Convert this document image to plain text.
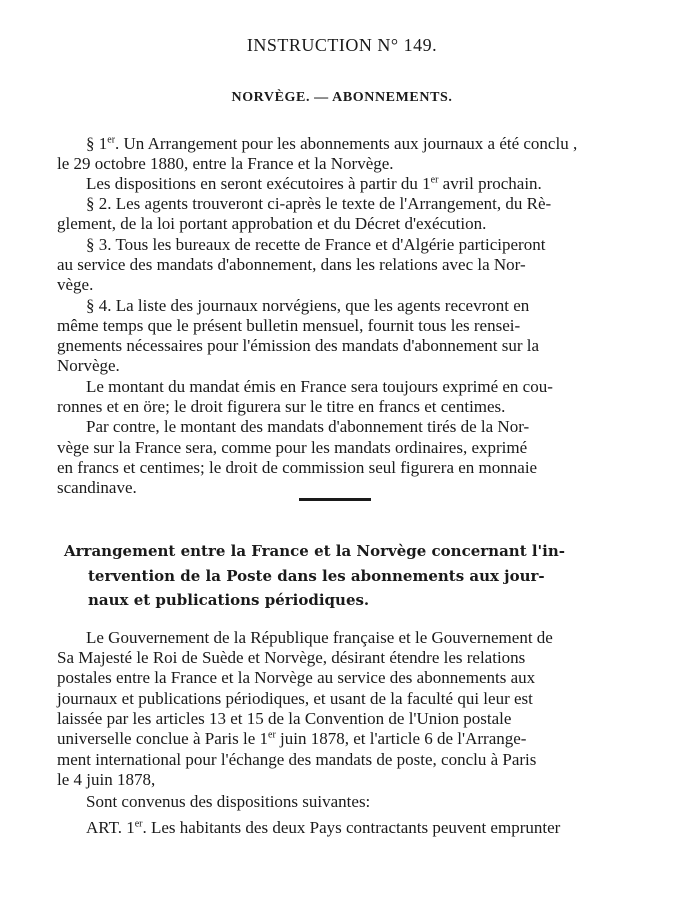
INSTRUCTION N° 149.
NORVÈGE. — ABONNEMENTS.
§ 1er. Un Arrangement pour les abonnements aux journaux a été conclu ,
le 29 octobre 1880, entre la France et la Norvège.
Les dispositions en seront exécutoires à partir du 1er avril prochain.
§ 2. Les agents trouveront ci-après le texte de l'Arrangement, du Rè-
glement, de la loi portant approbation et du Décret d'exécution.
§ 3. Tous les bureaux de recette de France et d'Algérie participeront
au service des mandats d'abonnement, dans les relations avec la Nor-
vège.
§ 4. La liste des journaux norvégiens, que les agents recevront en
même temps que le présent bulletin mensuel, fournit tous les rensei-
gnements nécessaires pour l'émission des mandats d'abonnement sur la
Norvège.
Le montant du mandat émis en France sera toujours exprimé en cou-
ronnes et en öre; le droit figurera sur le titre en francs et centimes.
Par contre, le montant des mandats d'abonnement tirés de la Nor-
vège sur la France sera, comme pour les mandats ordinaires, exprimé
en francs et centimes; le droit de commission seul figurera en monnaie
scandinave.
Arrangement entre la France et la Norvège concernant l'in-
tervention de la Poste dans les abonnements aux jour-
naux et publications périodiques.
Le Gouvernement de la République française et le Gouvernement de
Sa Majesté le Roi de Suède et Norvège, désirant étendre les relations
postales entre la France et la Norvège au service des abonnements aux
journaux et publications périodiques, et usant de la faculté qui leur est
laissée par les articles 13 et 15 de la Convention de l'Union postale
universelle conclue à Paris le 1er juin 1878, et l'article 6 de l'Arrange-
ment international pour l'échange des mandats de poste, conclu à Paris
le 4 juin 1878,
Sont convenus des dispositions suivantes:
ART. 1er. Les habitants des deux Pays contractants peuvent emprunter
